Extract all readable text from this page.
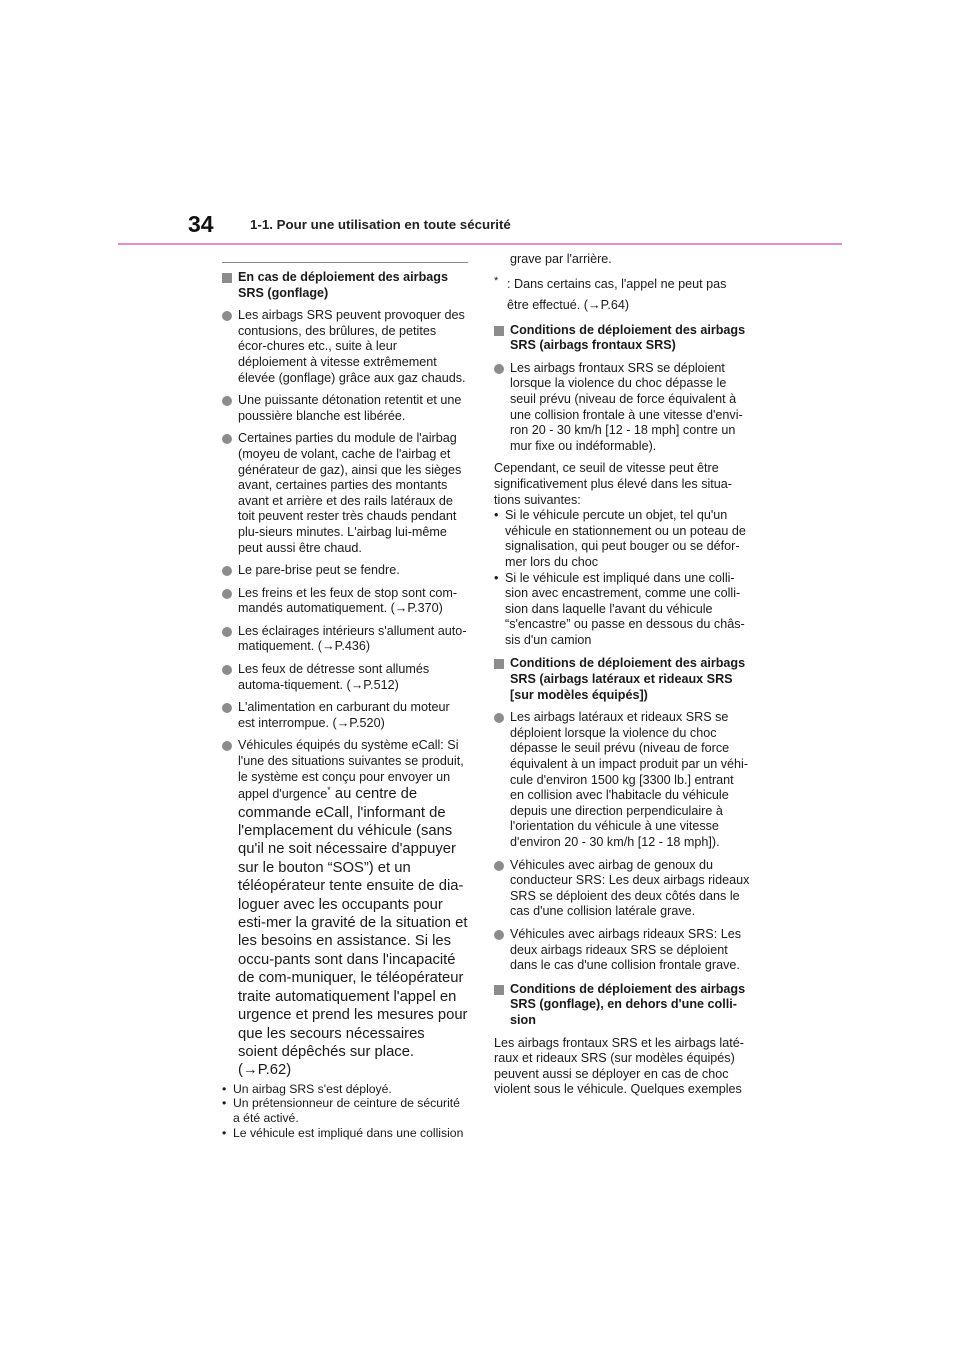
34	1-1. Pour une utilisation en toute sécurité
En cas de déploiement des airbags SRS (gonflage)
Les airbags SRS peuvent provoquer des contusions, des brûlures, de petites écor-chures etc., suite à leur déploiement à vitesse extrêmement élevée (gonflage) grâce aux gaz chauds.
Une puissante détonation retentit et une poussière blanche est libérée.
Certaines parties du module de l'airbag (moyeu de volant, cache de l'airbag et générateur de gaz), ainsi que les sièges avant, certaines parties des montants avant et arrière et des rails latéraux de toit peuvent rester très chauds pendant plu-sieurs minutes. L'airbag lui-même peut aussi être chaud.
Le pare-brise peut se fendre.
Les freins et les feux de stop sont com-mandés automatiquement. (→P.370)
Les éclairages intérieurs s'allument auto-matiquement. (→P.436)
Les feux de détresse sont allumés automa-tiquement. (→P.512)
L'alimentation en carburant du moteur est interrompue. (→P.520)
Véhicules équipés du système eCall: Si l'une des situations suivantes se produit, le système est conçu pour envoyer un appel d'urgence* au centre de commande eCall, l'informant de l'emplacement du véhicule (sans qu'il ne soit nécessaire d'appuyer sur le bouton “SOS”) et un téléopérateur tente ensuite de dia-loguer avec les occupants pour esti-mer la gravité de la situation et les besoins en assistance. Si les occu-pants sont dans l'incapacité de com-muniquer, le téléopérateur traite automatiquement l'appel en urgence et prend les mesures pour que les secours nécessaires soient dépêchés sur place. (→P.62)
• Un airbag SRS s'est déployé.
• Un prétensionneur de ceinture de sécurité a été activé.
• Le véhicule est impliqué dans une collision
grave par l'arrière.
* : Dans certains cas, l'appel ne peut pas être effectué. (→P.64)
Conditions de déploiement des airbags SRS (airbags frontaux SRS)
Les airbags frontaux SRS se déploient lorsque la violence du choc dépasse le seuil prévu (niveau de force équivalent à une collision frontale à une vitesse d'envi-ron 20 - 30 km/h [12 - 18 mph] contre un mur fixe ou indéformable).
Cependant, ce seuil de vitesse peut être significativement plus élevé dans les situa-tions suivantes:
• Si le véhicule percute un objet, tel qu'un véhicule en stationnement ou un poteau de signalisation, qui peut bouger ou se défor-mer lors du choc
• Si le véhicule est impliqué dans une colli-sion avec encastrement, comme une colli-sion dans laquelle l'avant du véhicule “s'encastre” ou passe en dessous du châs-sis d'un camion
Conditions de déploiement des airbags SRS (airbags latéraux et rideaux SRS [sur modèles équipés])
Les airbags latéraux et rideaux SRS se déploient lorsque la violence du choc dépasse le seuil prévu (niveau de force équivalent à un impact produit par un véhi-cule d'environ 1500 kg [3300 lb.] entrant en collision avec l'habitacle du véhicule depuis une direction perpendiculaire à l'orientation du véhicule à une vitesse d'environ 20 - 30 km/h [12 - 18 mph]).
Véhicules avec airbag de genoux du conducteur SRS: Les deux airbags rideaux SRS se déploient des deux côtés dans le cas d'une collision latérale grave.
Véhicules avec airbags rideaux SRS: Les deux airbags rideaux SRS se déploient dans le cas d'une collision frontale grave.
Conditions de déploiement des airbags SRS (gonflage), en dehors d'une colli-sion
Les airbags frontaux SRS et les airbags laté-raux et rideaux SRS (sur modèles équipés) peuvent aussi se déployer en cas de choc violent sous le véhicule. Quelques exemples
